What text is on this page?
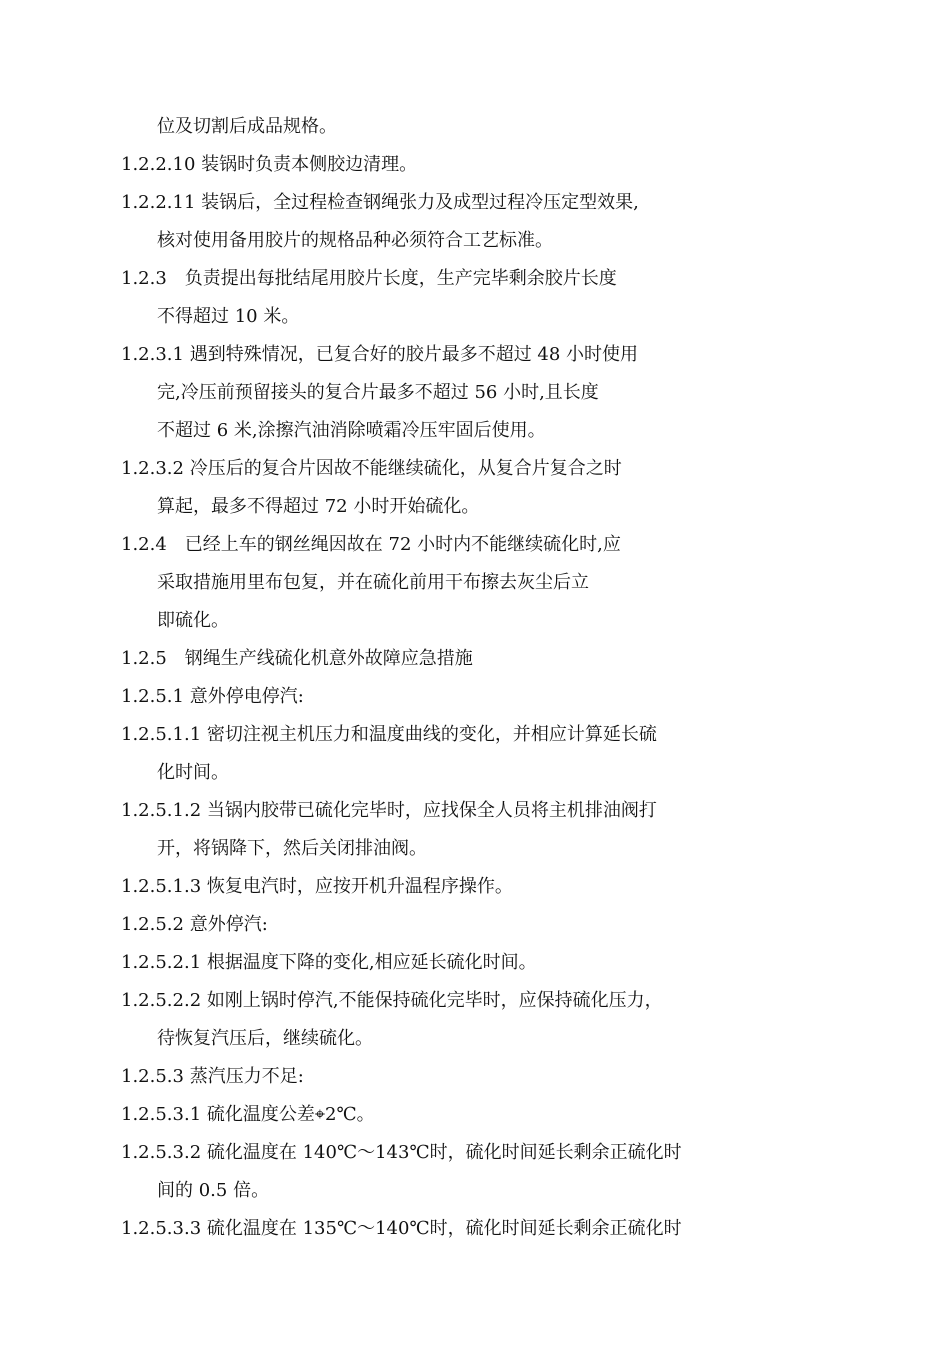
位及切割后成品规格。
1.2.2.10 装锅时负责本侧胶边清理。
1.2.2.11 装锅后，全过程检查钢绳张力及成型过程冷压定型效果,
核对使用备用胶片的规格品种必须符合工艺标准。
1.2.3　负责提出每批结尾用胶片长度，生产完毕剩余胶片长度
不得超过 10 米。
1.2.3.1 遇到特殊情况，已复合好的胶片最多不超过 48 小时使用
完,冷压前预留接头的复合片最多不超过 56 小时,且长度
不超过 6 米,涂擦汽油消除喷霜冷压牢固后使用。
1.2.3.2 冷压后的复合片因故不能继续硫化，从复合片复合之时
算起，最多不得超过 72 小时开始硫化。
1.2.4　已经上车的钢丝绳因故在 72 小时内不能继续硫化时,应
采取措施用里布包复，并在硫化前用干布擦去灰尘后立
即硫化。
1.2.5　钢绳生产线硫化机意外故障应急措施
1.2.5.1 意外停电停汽:
1.2.5.1.1 密切注视主机压力和温度曲线的变化，并相应计算延长硫
化时间。
1.2.5.1.2 当锅内胶带已硫化完毕时，应找保全人员将主机排油阀打
开，将锅降下，然后关闭排油阀。
1.2.5.1.3 恢复电汽时，应按开机升温程序操作。
1.2.5.2 意外停汽:
1.2.5.2.1 根据温度下降的变化,相应延长硫化时间。
1.2.5.2.2 如刚上锅时停汽,不能保持硫化完毕时，应保持硫化压力，
待恢复汽压后，继续硫化。
1.2.5.3 蒸汽压力不足:
1.2.5.3.1 硫化温度公差⌖2℃。
1.2.5.3.2 硫化温度在 140℃～143℃时，硫化时间延长剩余正硫化时
间的 0.5 倍。
1.2.5.3.3 硫化温度在 135℃～140℃时，硫化时间延长剩余正硫化时
